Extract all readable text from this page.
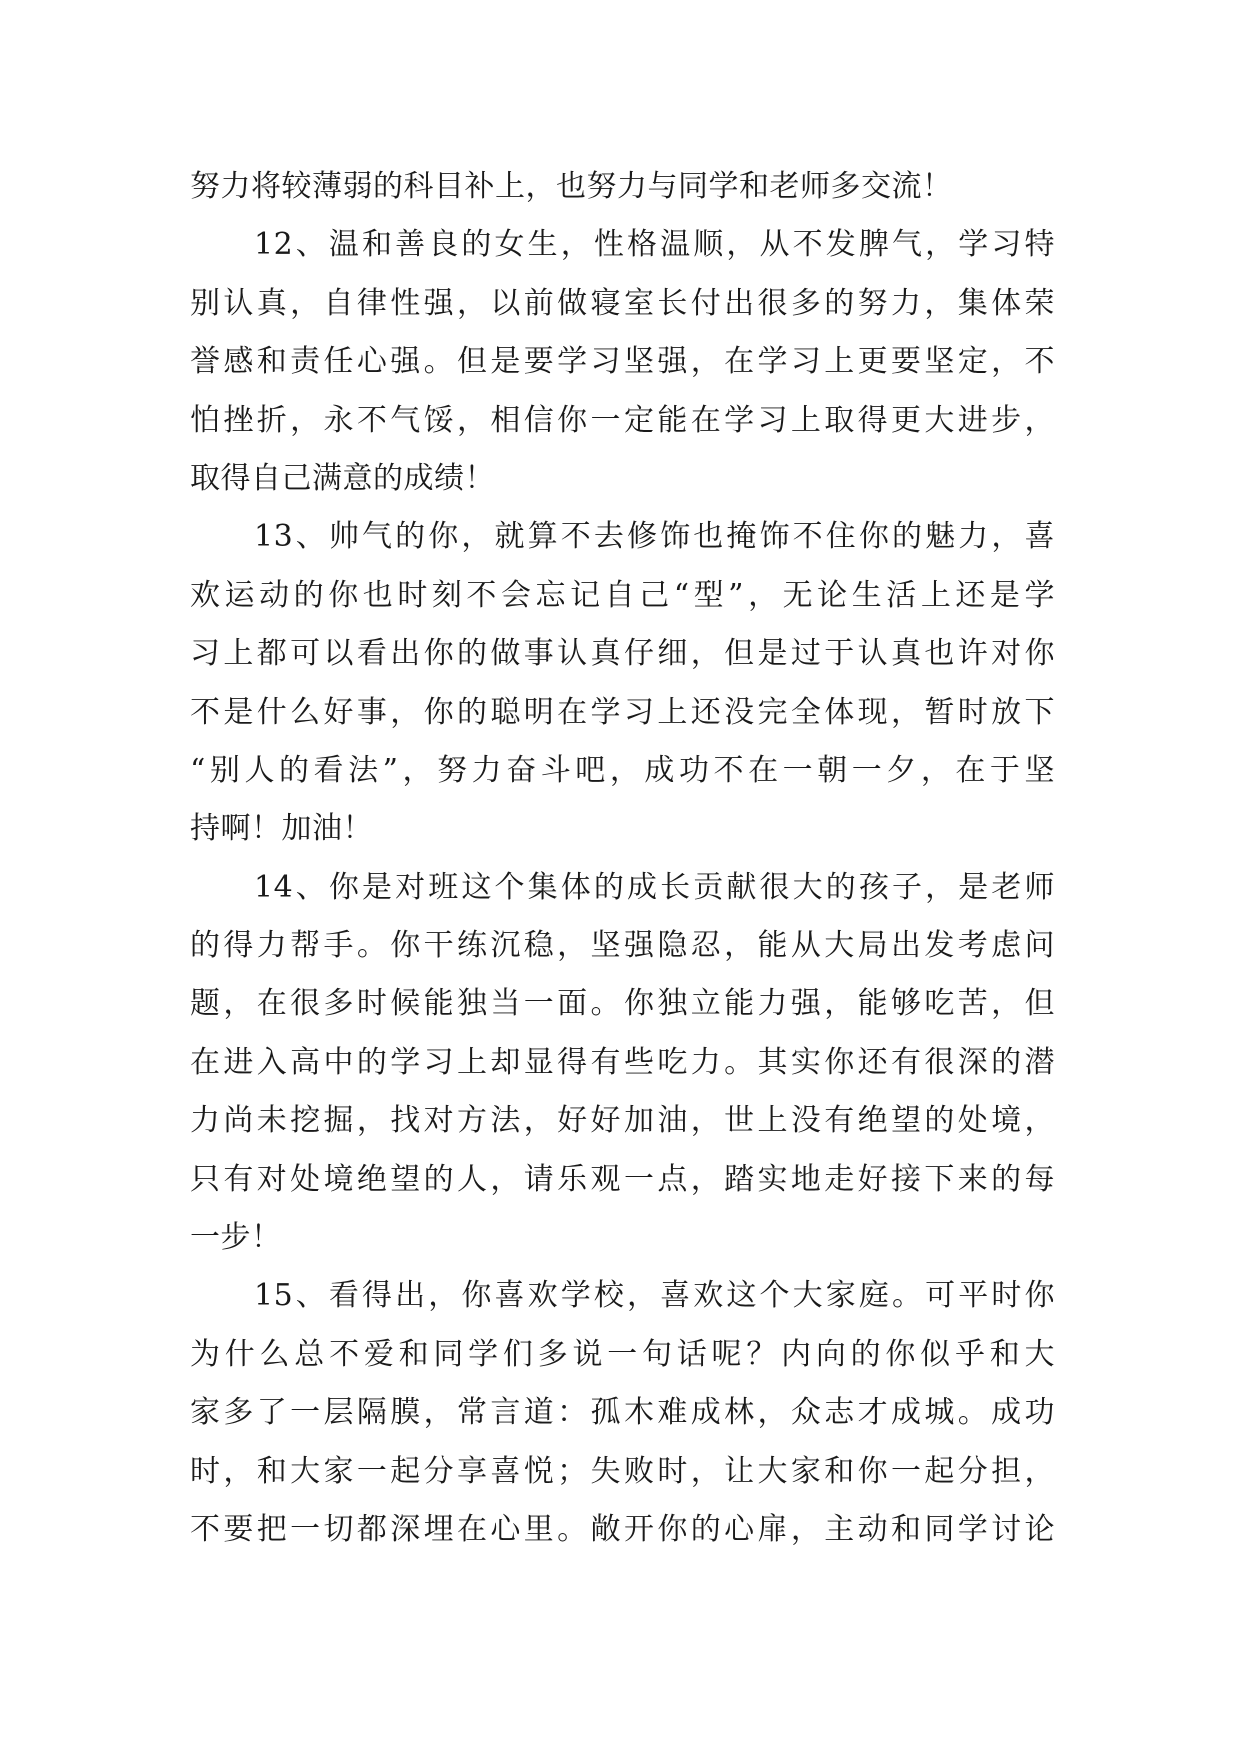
努力将较薄弱的科目补上，也努力与同学和老师多交流！
12、温和善良的女生，性格温顺，从不发脾气，学习特
别认真，自律性强，以前做寝室长付出很多的努力，集体荣
誉感和责任心强。但是要学习坚强，在学习上更要坚定，不
怕挫折，永不气馁，相信你一定能在学习上取得更大进步，
取得自己满意的成绩！
13、帅气的你，就算不去修饰也掩饰不住你的魅力，喜
欢运动的你也时刻不会忘记自己“型”，无论生活上还是学
习上都可以看出你的做事认真仔细，但是过于认真也许对你
不是什么好事，你的聪明在学习上还没完全体现，暂时放下
“别人的看法”，努力奋斗吧，成功不在一朝一夕，在于坚
持啊！加油！
14、你是对班这个集体的成长贡献很大的孩子，是老师
的得力帮手。你干练沉稳，坚强隐忍，能从大局出发考虑问
题，在很多时候能独当一面。你独立能力强，能够吃苦，但
在进入高中的学习上却显得有些吃力。其实你还有很深的潜
力尚未挖掘，找对方法，好好加油，世上没有绝望的处境，
只有对处境绝望的人，请乐观一点，踏实地走好接下来的每
一步！
15、看得出，你喜欢学校，喜欢这个大家庭。可平时你
为什么总不爱和同学们多说一句话呢？内向的你似乎和大
家多了一层隔膜，常言道：孤木难成林，众志才成城。成功
时，和大家一起分享喜悦；失败时，让大家和你一起分担，
不要把一切都深埋在心里。敞开你的心扉，主动和同学讨论
